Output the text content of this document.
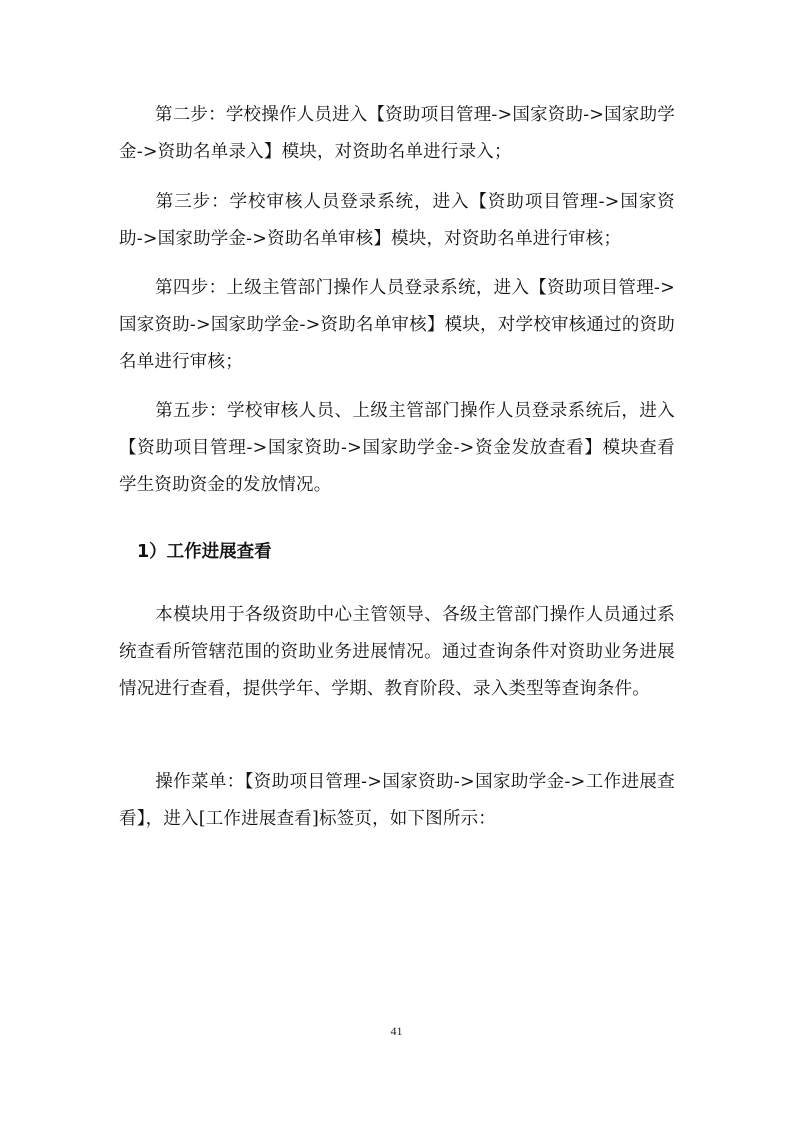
第二步：学校操作人员进入【资助项目管理->国家资助->国家助学金->资助名单录入】模块，对资助名单进行录入；

第三步：学校审核人员登录系统，进入【资助项目管理->国家资助->国家助学金->资助名单审核】模块，对资助名单进行审核；

第四步：上级主管部门操作人员登录系统，进入【资助项目管理->国家资助->国家助学金->资助名单审核】模块，对学校审核通过的资助名单进行审核；

第五步：学校审核人员、上级主管部门操作人员登录系统后，进入【资助项目管理->国家资助->国家助学金->资金发放查看】模块查看学生资助资金的发放情况。

1）工作进展查看

本模块用于各级资助中心主管领导、各级主管部门操作人员通过系统查看所管辖范围的资助业务进展情况。通过查询条件对资助业务进展情况进行查看，提供学年、学期、教育阶段、录入类型等查询条件。

操作菜单：【资助项目管理->国家资助->国家助学金->工作进展查看】，进入[工作进展查看]标签页，如下图所示：

41
